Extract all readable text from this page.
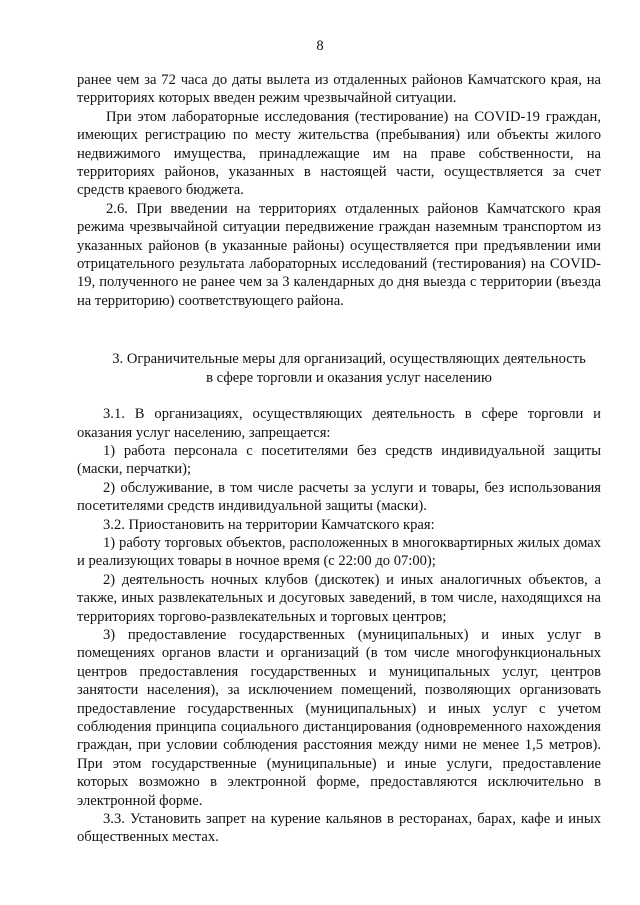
8

ранее чем за 72 часа до даты вылета из отдаленных районов Камчатского края, на территориях которых введен режим чрезвычайной ситуации.

При этом лабораторные исследования (тестирование) на COVID-19 граждан, имеющих регистрацию по месту жительства (пребывания) или объекты жилого недвижимого имущества, принадлежащие им на праве собственности, на территориях районов, указанных в настоящей части, осуществляется за счет средств краевого бюджета.

2.6. При введении на территориях отдаленных районов Камчатского края режима чрезвычайной ситуации передвижение граждан наземным транспортом из указанных районов (в указанные районы) осуществляется при предъявлении ими отрицательного результата лабораторных исследований (тестирования) на COVID-19, полученного не ранее чем за 3 календарных до дня выезда с территории (въезда на территорию) соответствующего района.

3. Ограничительные меры для организаций, осуществляющих деятельность

в сфере торговли и оказания услуг населению

3.1. В организациях, осуществляющих деятельность в сфере торговли и оказания услуг населению, запрещается:

1) работа персонала с посетителями без средств индивидуальной защиты (маски, перчатки);

2) обслуживание, в том числе расчеты за услуги и товары, без использования посетителями средств индивидуальной защиты (маски).

3.2. Приостановить на территории Камчатского края:

1) работу торговых объектов, расположенных в многоквартирных жилых домах и реализующих товары в ночное время (с 22:00 до 07:00);

2) деятельность ночных клубов (дискотек) и иных аналогичных объектов, а также, иных развлекательных и досуговых заведений, в том числе, находящихся на территориях торгово-развлекательных и торговых центров;

3) предоставление государственных (муниципальных) и иных услуг в помещениях органов власти и организаций (в том числе многофункциональных центров предоставления государственных и муниципальных услуг, центров занятости населения), за исключением помещений, позволяющих организовать предоставление государственных (муниципальных) и иных услуг с учетом соблюдения принципа социального дистанцирования (одновременного нахождения граждан, при условии соблюдения расстояния между ними не менее 1,5 метров). При этом государственные (муниципальные) и иные услуги, предоставление которых возможно в электронной форме, предоставляются исключительно в электронной форме.

3.3. Установить запрет на курение кальянов в ресторанах, барах, кафе и иных общественных местах.
